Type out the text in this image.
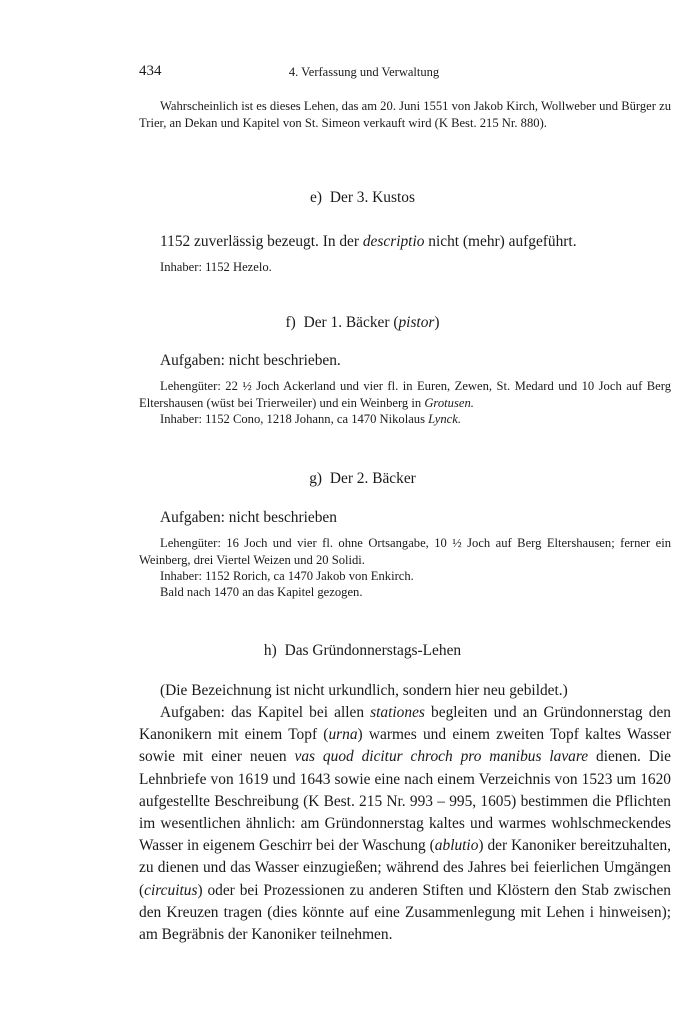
434	4. Verfassung und Verwaltung
Wahrscheinlich ist es dieses Lehen, das am 20. Juni 1551 von Jakob Kirch, Wollweber und Bürger zu Trier, an Dekan und Kapitel von St. Simeon verkauft wird (K Best. 215 Nr. 880).
e) Der 3. Kustos
1152 zuverlässig bezeugt. In der descriptio nicht (mehr) aufgeführt.
Inhaber: 1152 Hezelo.
f) Der 1. Bäcker (pistor)
Aufgaben: nicht beschrieben.
Lehengüter: 22 ½ Joch Ackerland und vier fl. in Euren, Zewen, St. Medard und 10 Joch auf Berg Eltershausen (wüst bei Trierweiler) und ein Weinberg in Grotusen.
Inhaber: 1152 Cono, 1218 Johann, ca 1470 Nikolaus Lynck.
g) Der 2. Bäcker
Aufgaben: nicht beschrieben
Lehengüter: 16 Joch und vier fl. ohne Ortsangabe, 10 ½ Joch auf Berg Eltershausen; ferner ein Weinberg, drei Viertel Weizen und 20 Solidi.
Inhaber: 1152 Rorich, ca 1470 Jakob von Enkirch.
Bald nach 1470 an das Kapitel gezogen.
h) Das Gründonnerstags-Lehen
(Die Bezeichnung ist nicht urkundlich, sondern hier neu gebildet.)
Aufgaben: das Kapitel bei allen stationes begleiten und an Gründonnerstag den Kanonikern mit einem Topf (urna) warmes und einem zweiten Topf kaltes Wasser sowie mit einer neuen vas quod dicitur chroch pro manibus lavare dienen. Die Lehnbriefe von 1619 und 1643 sowie eine nach einem Verzeichnis von 1523 um 1620 aufgestellte Beschreibung (K Best. 215 Nr. 993 – 995, 1605) bestimmen die Pflichten im wesentlichen ähnlich: am Gründonnerstag kaltes und warmes wohlschmeckendes Wasser in eigenem Geschirr bei der Waschung (ablutio) der Kanoniker bereitzuhalten, zu dienen und das Wasser einzugießen; während des Jahres bei feierlichen Umgängen (circuitus) oder bei Prozessionen zu anderen Stiften und Klöstern den Stab zwischen den Kreuzen tragen (dies könnte auf eine Zusammenlegung mit Lehen i hinweisen); am Begräbnis der Kanoniker teilnehmen.
